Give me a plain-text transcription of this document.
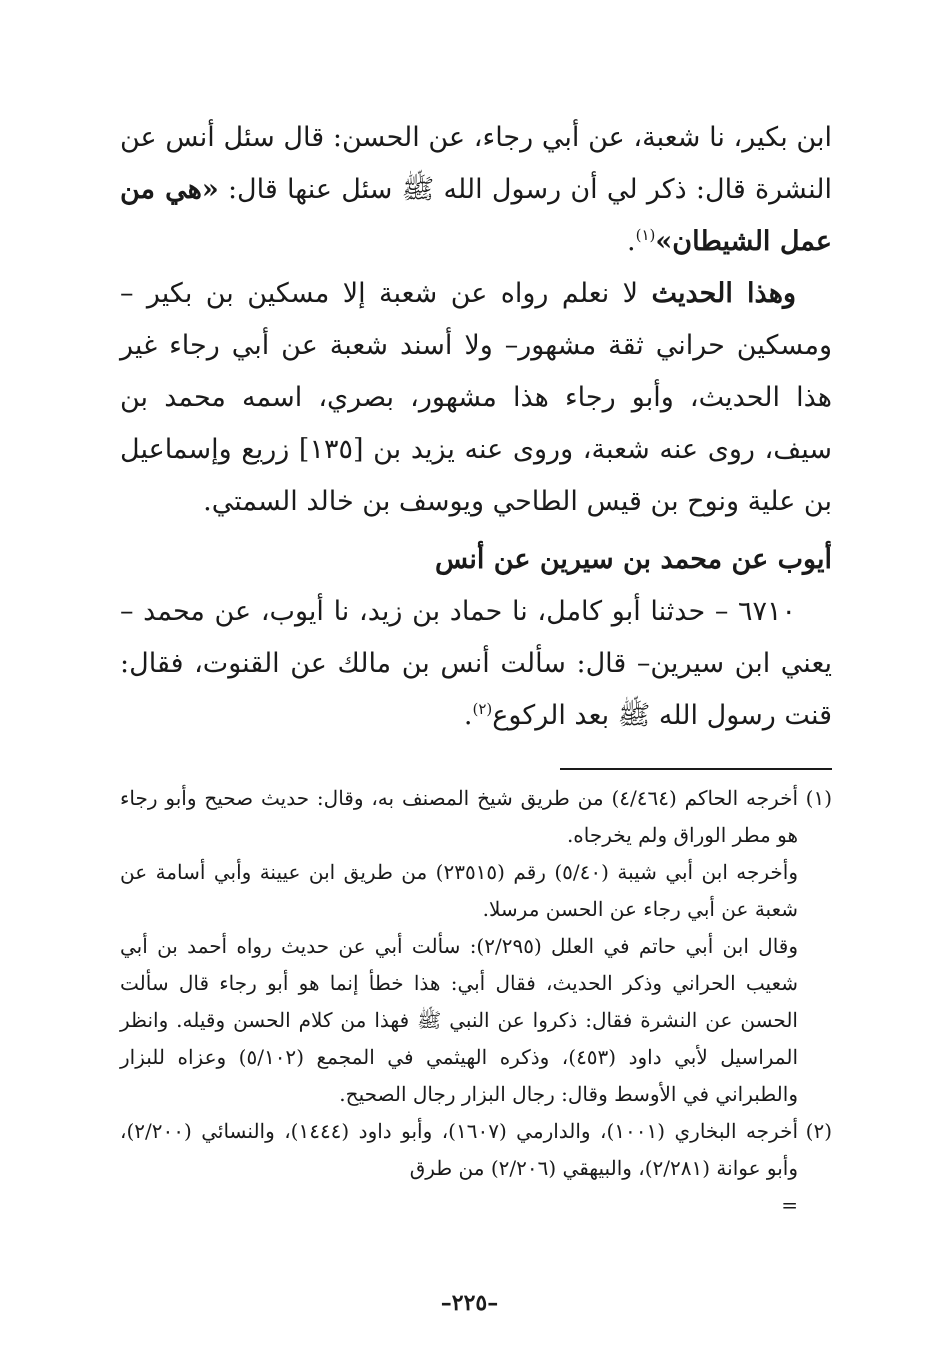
ابن بكير، نا شعبة، عن أبي رجاء، عن الحسن: قال سئل أنس عن النشرة قال: ذكر لي أن رسول الله ﷺ سئل عنها قال: «هي من عمل الشيطان»$^{(١)}$.

وهذا الحديث لا نعلم رواه عن شعبة إلا مسكين بن بكير – ومسكين حراني ثقة مشهور– ولا أسند شعبة عن أبي رجاء غير هذا الحديث، وأبو رجاء هذا مشهور، بصري، اسمه محمد بن سيف، روى عنه شعبة، وروى عنه يزيد بن [١٣٥] زريع وإسماعيل بن علية ونوح بن قيس الطاحي ويوسف بن خالد السمتي.

أيوب عن محمد بن سيرين عن أنس

٦٧١٠ – حدثنا أبو كامل، نا حماد بن زيد، نا أيوب، عن محمد – يعني ابن سيرين– قال: سألت أنس بن مالك عن القنوت، فقال: قنت رسول الله ﷺ بعد الركوع$^{(٢)}$.

(١)

أخرجه الحاكم (٤/٤٦٤) من طريق شيخ المصنف به، وقال: حديث صحيح وأبو رجاء هو مطر الوراق ولم يخرجاه.

وأخرجه ابن أبي شيبة (٥/٤٠) رقم (٢٣٥١٥) من طريق ابن عيينة وأبي أسامة عن شعبة عن أبي رجاء عن الحسن مرسلا.

وقال ابن أبي حاتم في العلل (٢/٢٩٥): سألت أبي عن حديث رواه أحمد بن أبي شعيب الحراني وذكر الحديث، فقال أبي: هذا خطأ إنما هو أبو رجاء قال سألت الحسن عن النشرة فقال: ذكروا عن النبي ﷺ فهذا من كلام الحسن وقيله. وانظر المراسيل لأبي داود (٤٥٣)، وذكره الهيثمي في المجمع (٥/١٠٢) وعزاه للبزار والطبراني في الأوسط وقال: رجال البزار رجال الصحيح.

(٢)

أخرجه البخاري (١٠٠١)، والدارمي (١٦٠٧)، وأبو داود (١٤٤٤)، والنسائي (٢/٢٠٠)، وأبو عوانة (٢/٢٨١)، والبيهقي (٢/٢٠٦) من طرق

=

–٢٢٥–
